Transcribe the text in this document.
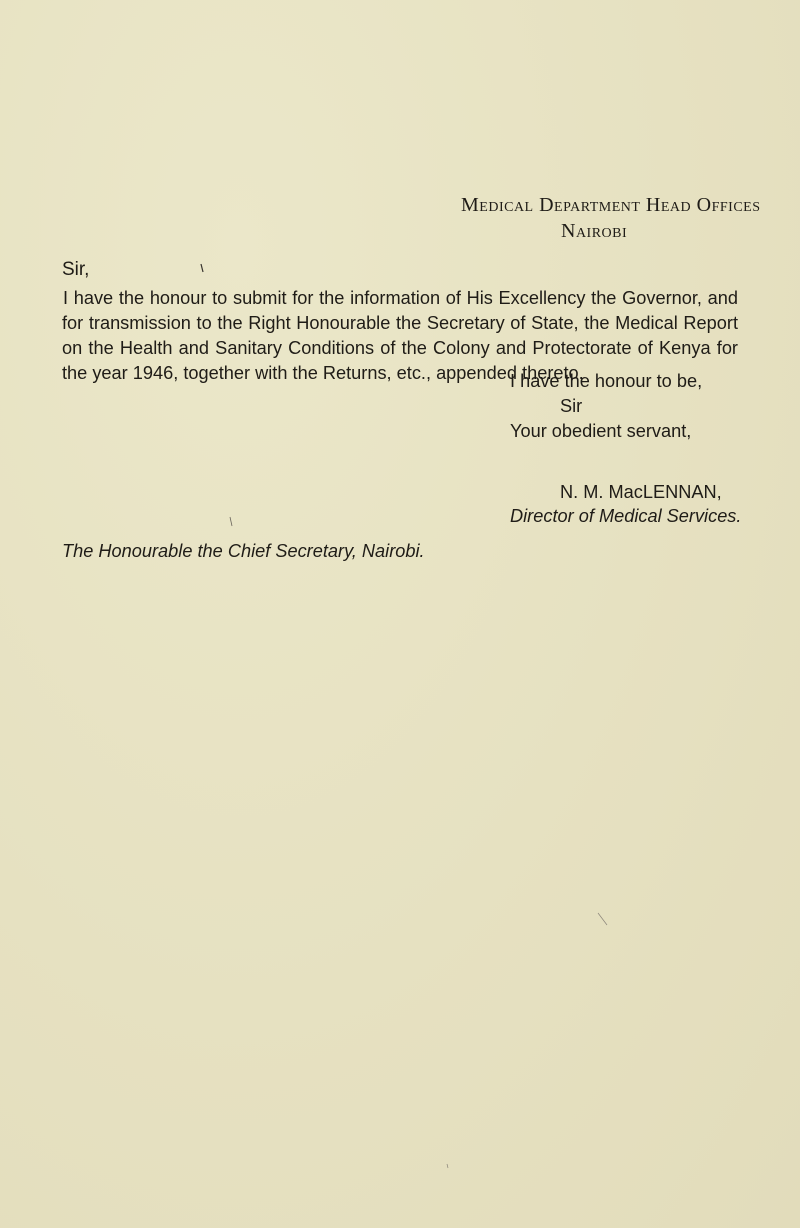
Medical Department Head Offices
Nairobi
Sir,
I have the honour to submit for the information of His Excellency the Governor, and for transmission to the Right Honourable the Secretary of State, the Medical Report on the Health and Sanitary Conditions of the Colony and Protectorate of Kenya for the year 1946, together with the Returns, etc., appended thereto.
I have the honour to be,
Sir
Your obedient servant,
N. M. MacLENNAN,
Director of Medical Services.
The Honourable the Chief Secretary, Nairobi.
